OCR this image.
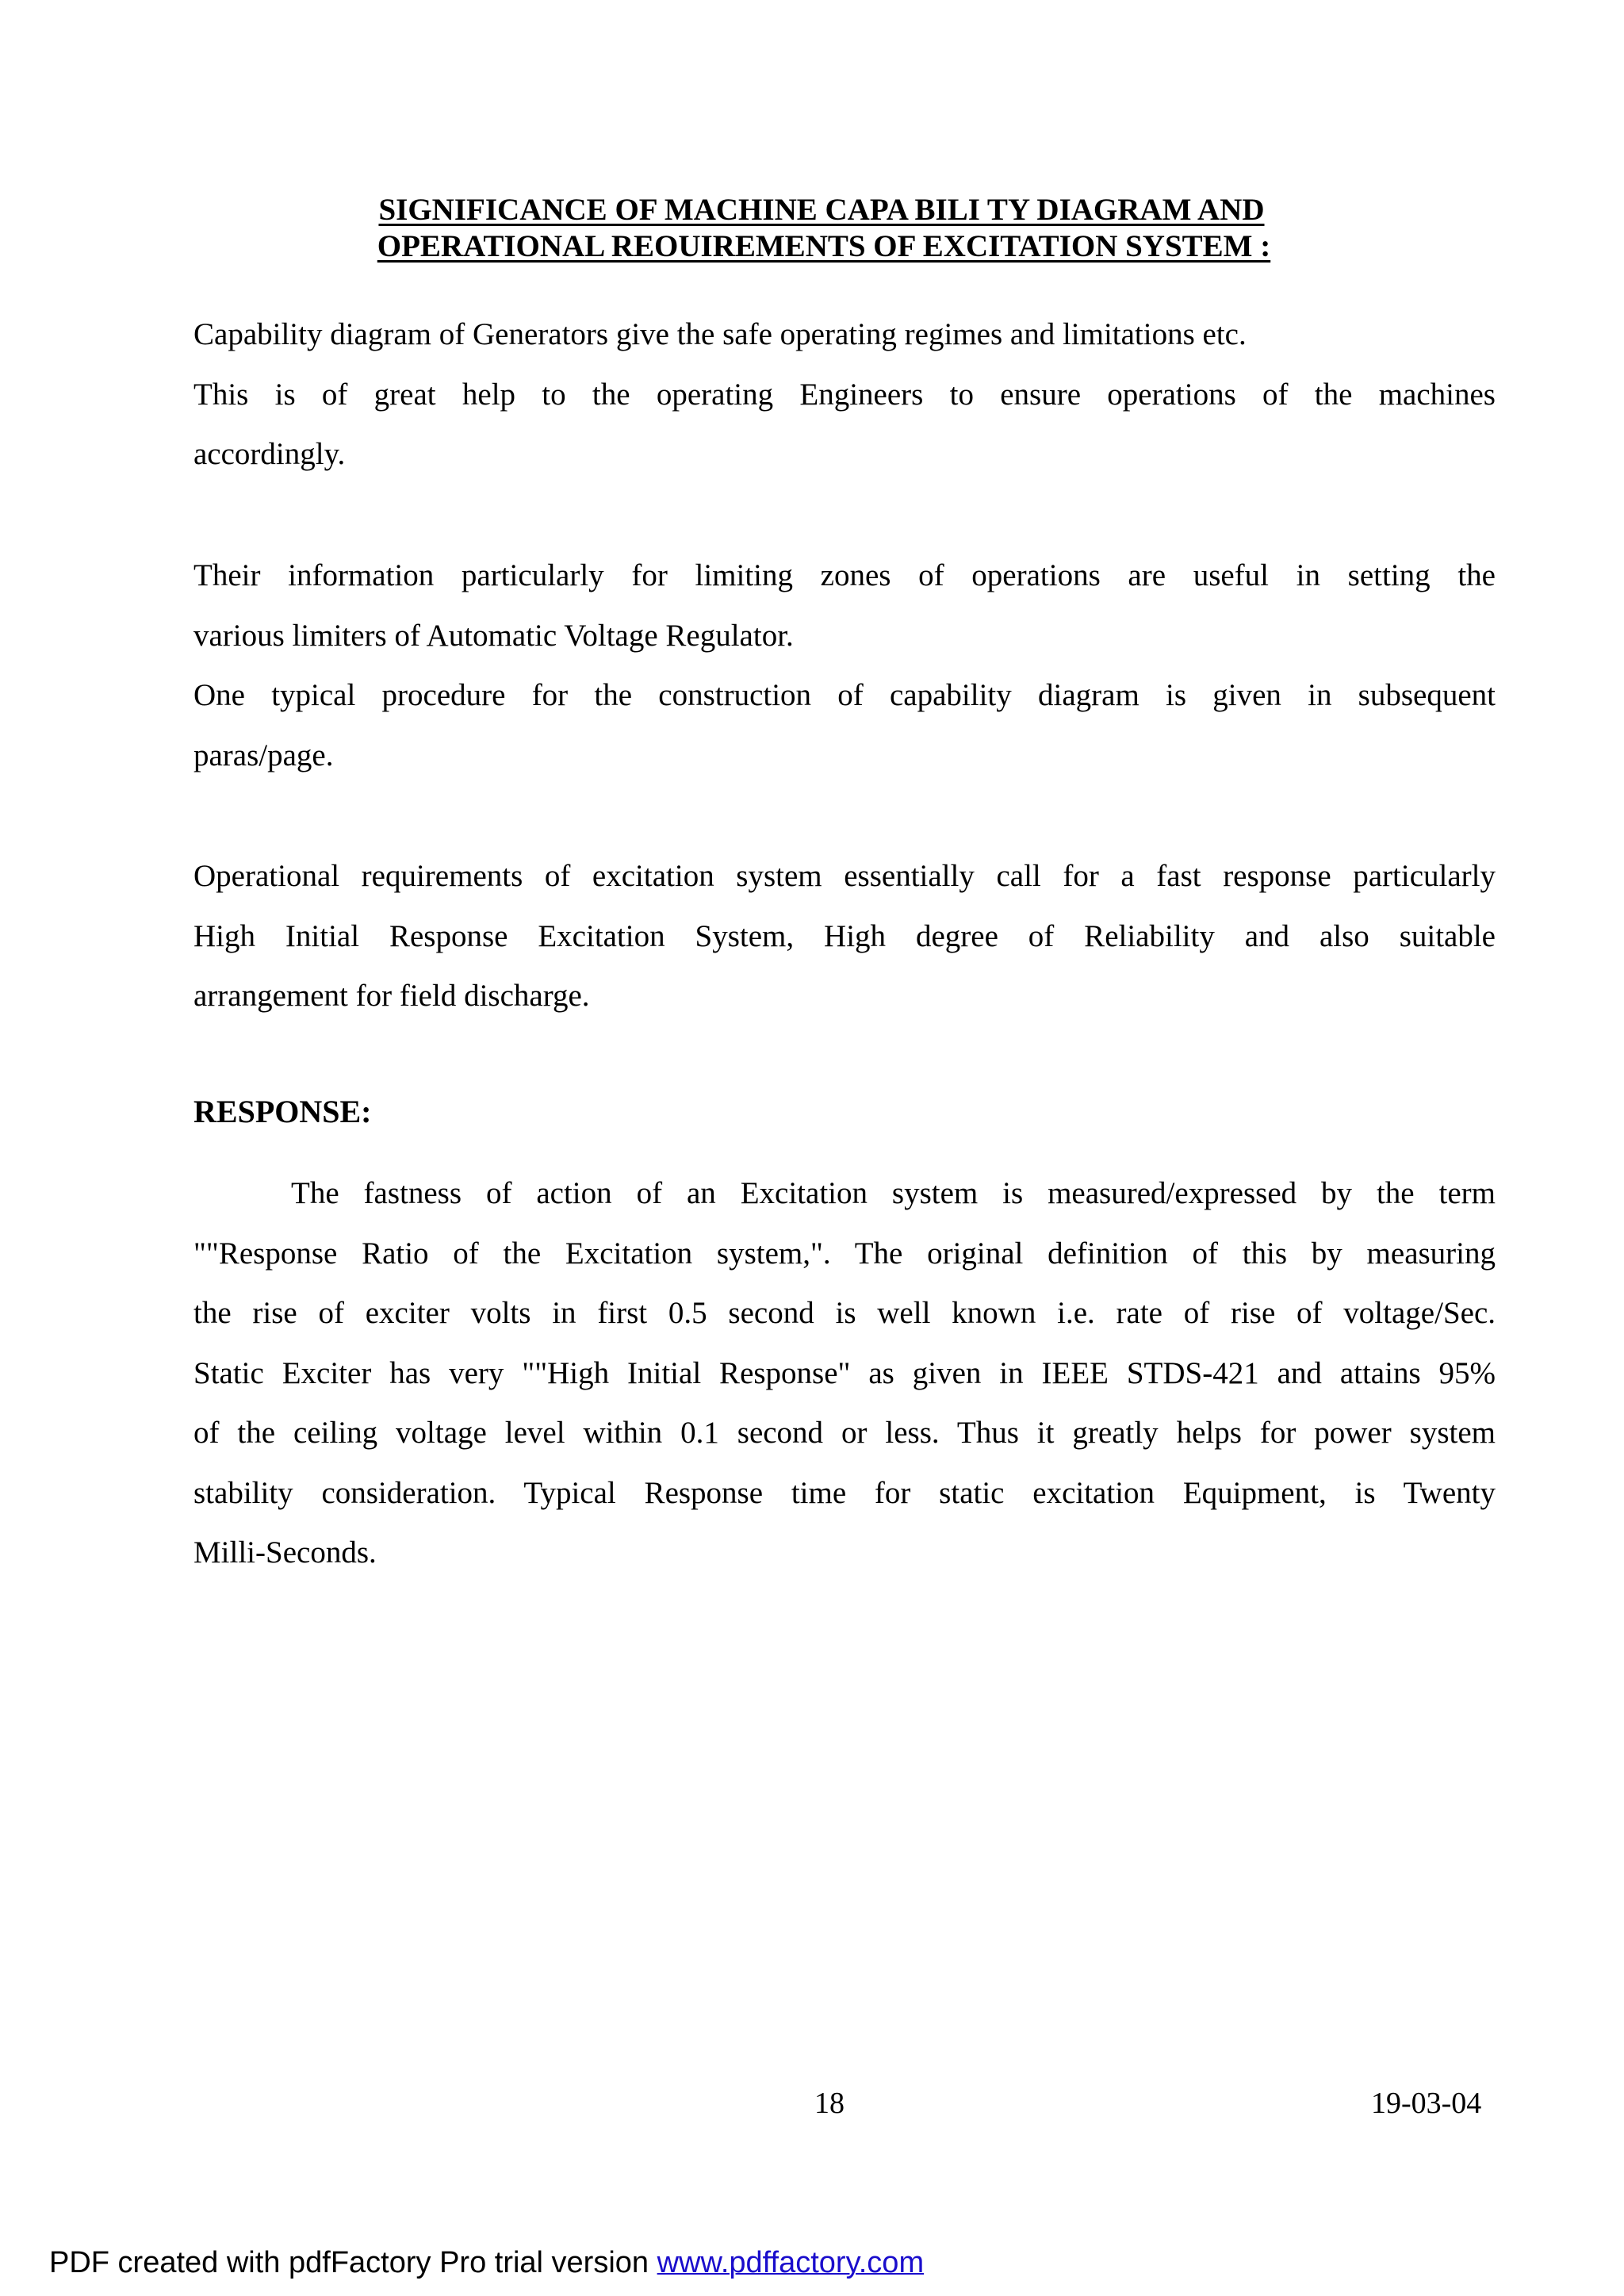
SIGNIFICANCE OF MACHINE CAPA BILI TY DIAGRAM AND
OPERATIONAL REOUIREMENTS OF EXCITATION SYSTEM :
Capability diagram of Generators give the safe operating regimes and limitations etc.
This is of great help to the operating Engineers to ensure operations of the machines
accordingly.
Their information particularly for limiting zones of operations are useful in setting the
various limiters of Automatic Voltage Regulator.
One typical procedure for the construction of capability diagram is given in subsequent
paras/page.
Operational requirements of excitation system essentially call for a fast response particularly
High Initial Response Excitation System, High degree of Reliability and also suitable
arrangement for field discharge.
RESPONSE:
The fastness of action of an Excitation system is measured/expressed by the term
""Response Ratio of the Excitation system,". The original definition of this by measuring
the rise of exciter volts in first 0.5 second is well known i.e. rate of rise of voltage/Sec.
Static Exciter has very ""High Initial Response" as given in IEEE STDS-421 and attains 95%
of the ceiling voltage level within 0.1 second or less. Thus it greatly helps for power system
stability consideration. Typical Response time for static excitation Equipment, is Twenty
Milli-Seconds.
18	19-03-04
PDF created with pdfFactory Pro trial version www.pdffactory.com
